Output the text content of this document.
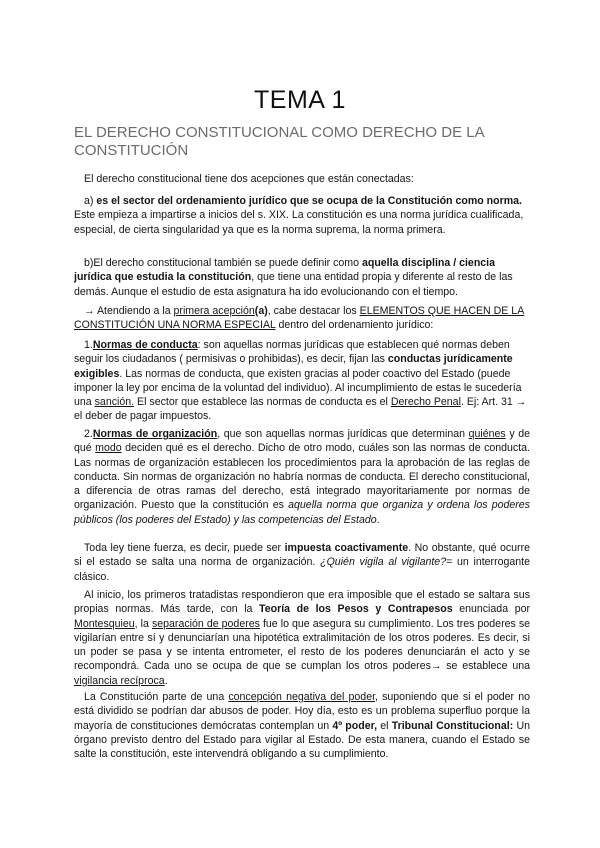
TEMA 1
EL DERECHO CONSTITUCIONAL COMO DERECHO DE LA CONSTITUCIÓN
El derecho constitucional tiene dos acepciones que están conectadas:
a) es el sector del ordenamiento jurídico que se ocupa de la Constitución como norma. Este empieza a impartirse a inicios del s. XIX. La constitución es una norma jurídica cualificada, especial, de cierta singularidad ya que es la norma suprema, la norma primera.
b)El derecho constitucional también se puede definir como aquella disciplina / ciencia jurídica que estudia la constitución, que tiene una entidad propia y diferente al resto de las demás. Aunque el estudio de esta asignatura ha ido evolucionando con el tiempo.
→ Atendiendo a la primera acepción(a), cabe destacar los ELEMENTOS QUE HACEN DE LA CONSTITUCIÓN UNA NORMA ESPECIAL dentro del ordenamiento jurídico:
1.Normas de conducta: son aquellas normas jurídicas que establecen qué normas deben seguir los ciudadanos ( permisivas o prohibidas), es decir, fijan las conductas jurídicamente exigibles. Las normas de conducta, que existen gracias al poder coactivo del Estado (puede imponer la ley por encima de la voluntad del individuo). Al incumplimiento de estas le sucedería una sanción. El sector que establece las normas de conducta es el Derecho Penal. Ej: Art. 31 → el deber de pagar impuestos.
2.Normas de organización, que son aquellas normas jurídicas que determinan quiénes y de qué modo deciden qué es el derecho. Dicho de otro modo, cuáles son las normas de conducta. Las normas de organización establecen los procedimientos para la aprobación de las reglas de conducta. Sin normas de organización no habría normas de conducta. El derecho constitucional, a diferencia de otras ramas del derecho, está integrado mayoritariamente por normas de organización. Puesto que la constitución es aquella norma que organiza y ordena los poderes públicos (los poderes del Estado) y las competencias del Estado.
Toda ley tiene fuerza, es decir, puede ser impuesta coactivamente. No obstante, qué ocurre si el estado se salta una norma de organización. ¿Quién vigila al vigilante?= un interrogante clásico.
Al inicio, los primeros tratadistas respondieron que era imposible que el estado se saltara sus propias normas. Más tarde, con la Teoría de los Pesos y Contrapesos enunciada por Montesquieu, la separación de poderes fue lo que asegura su cumplimiento. Los tres poderes se vigilarían entre sí y denunciarían una hipotética extralimitación de los otros poderes. Es decir, si un poder se pasa y se intenta entrometer, el resto de los poderes denunciarán el acto y se recompondrá. Cada uno se ocupa de que se cumplan los otros poderes→ se establece una vigilancia recíproca.
La Constitución parte de una concepción negativa del poder, suponiendo que si el poder no está dividido se podrían dar abusos de poder. Hoy día, esto es un problema superfluo porque la mayoría de constituciones demócratas contemplan un 4º poder, el Tribunal Constitucional: Un órgano previsto dentro del Estado para vigilar al Estado. De esta manera, cuando el Estado se salte la constitución, este intervendrá obligando a su cumplimiento.
